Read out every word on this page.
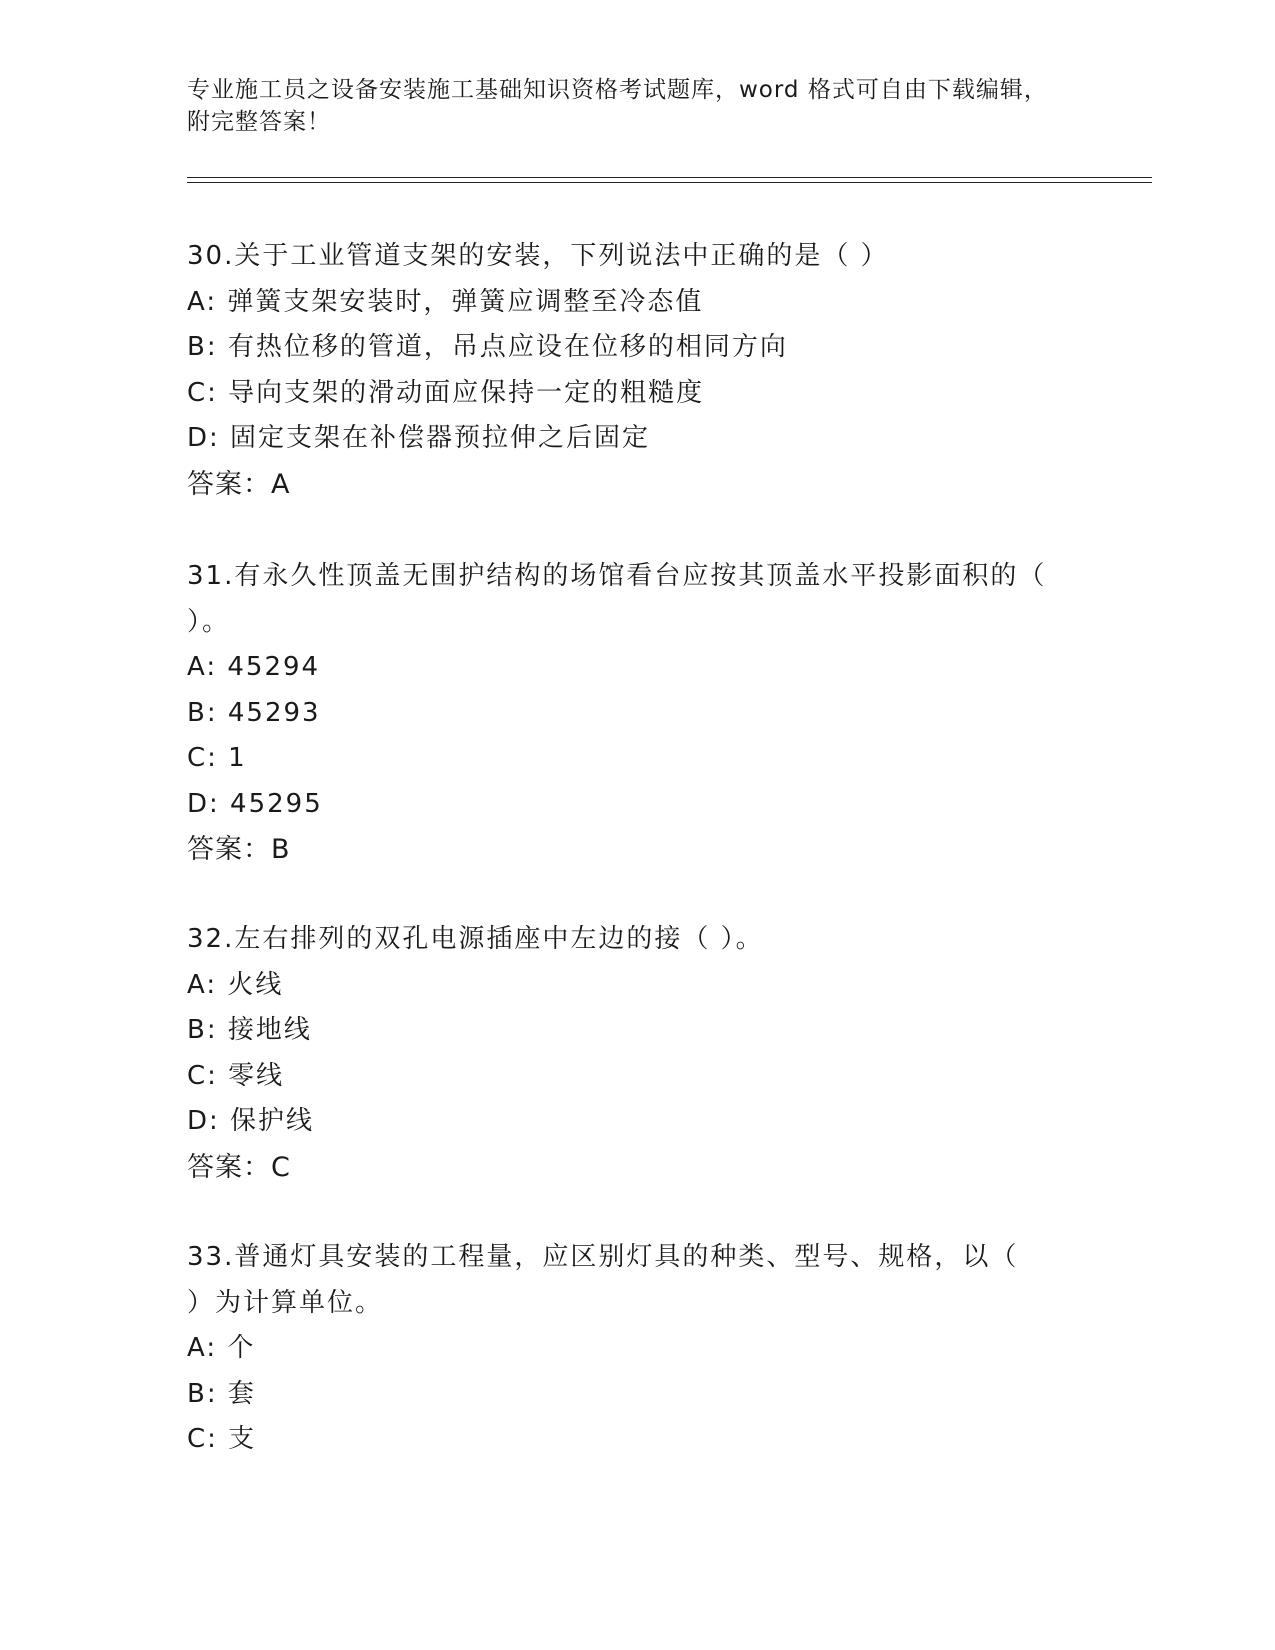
专业施工员之设备安装施工基础知识资格考试题库，word 格式可自由下载编辑，
附完整答案！
30.关于工业管道支架的安装，下列说法中正确的是（ ）
A: 弹簧支架安装时，弹簧应调整至冷态值
B: 有热位移的管道，吊点应设在位移的相同方向
C: 导向支架的滑动面应保持一定的粗糙度
D: 固定支架在补偿器预拉伸之后固定
答案：A
31.有永久性顶盖无围护结构的场馆看台应按其顶盖水平投影面积的（
）。
A: 45294
B: 45293
C: 1
D: 45295
答案：B
32.左右排列的双孔电源插座中左边的接（ ）。
A: 火线
B: 接地线
C: 零线
D: 保护线
答案：C
33.普通灯具安装的工程量，应区别灯具的种类、型号、规格，以（
）为计算单位。
A: 个
B: 套
C: 支
